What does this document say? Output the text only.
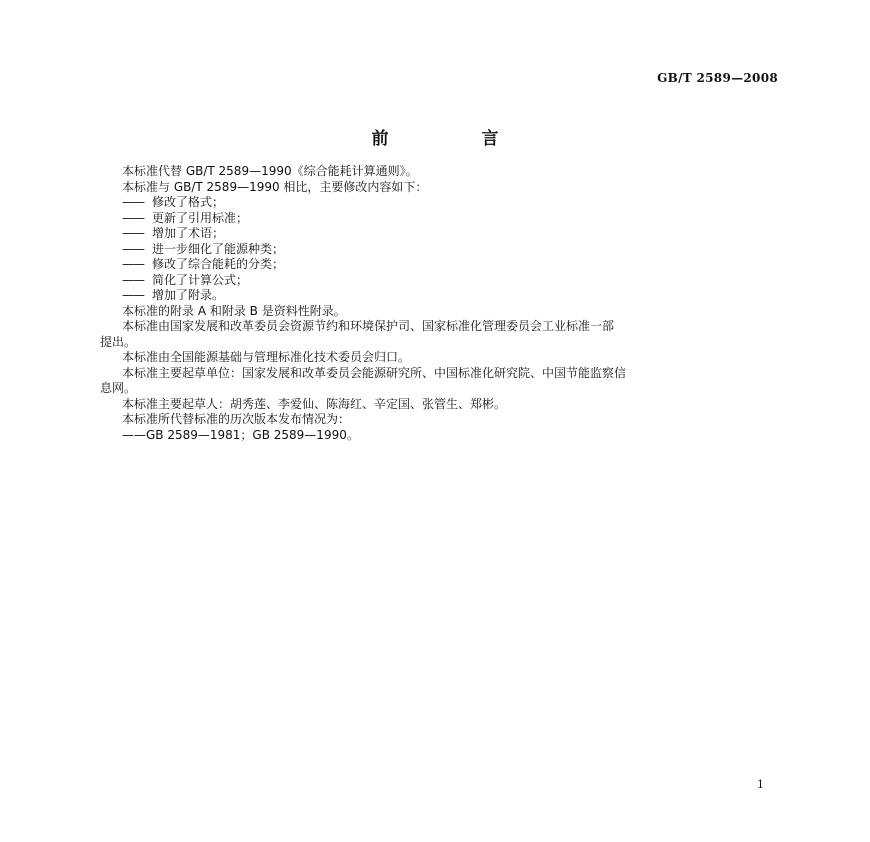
GB/T 2589—2008
前　言

本标准代替 GB/T 2589—1990《综合能耗计算通则》。

本标准与 GB/T 2589—1990 相比，主要修改内容如下：

—— 修改了格式；

—— 更新了引用标准；

—— 增加了术语；

—— 进一步细化了能源种类；

—— 修改了综合能耗的分类；

—— 简化了计算公式；

—— 增加了附录。

本标准的附录 A 和附录 B 是资料性附录。

本标准由国家发展和改革委员会资源节约和环境保护司、国家标准化管理委员会工业标准一部

提出。

本标准由全国能源基础与管理标准化技术委员会归口。

本标准主要起草单位：国家发展和改革委员会能源研究所、中国标准化研究院、中国节能监察信

息网。

本标准主要起草人：胡秀莲、李爱仙、陈海红、辛定国、张管生、郑彬。

本标准所代替标准的历次版本发布情况为：

——GB 2589—1981；GB 2589—1990。

1
